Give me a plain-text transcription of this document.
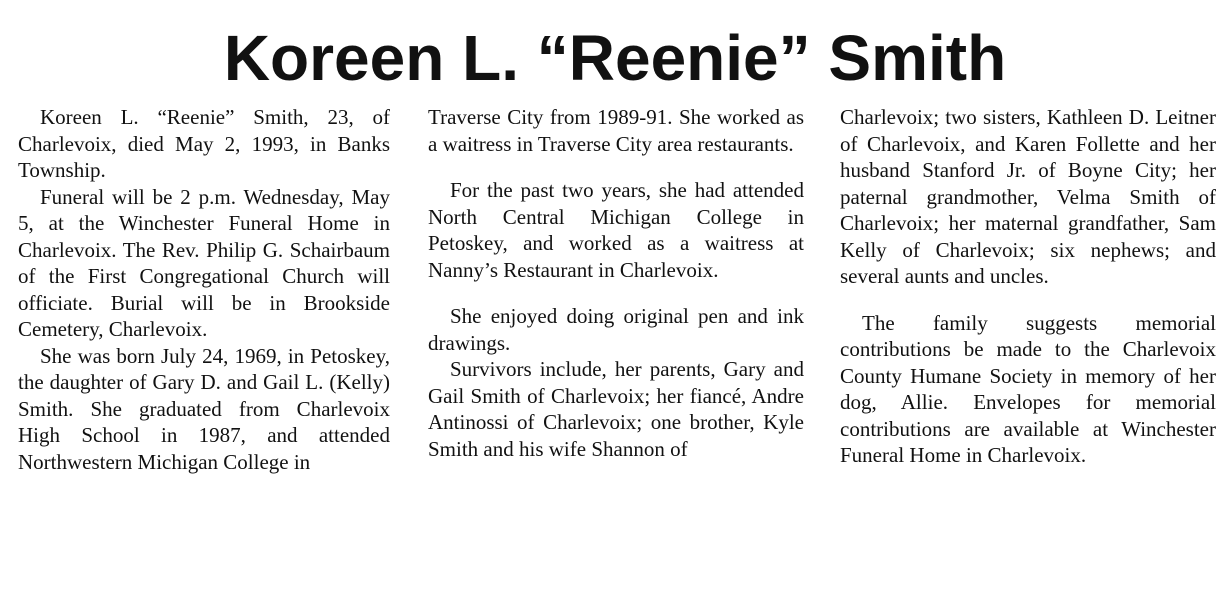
Koreen L. “Reenie” Smith

Koreen L. “Reenie” Smith, 23, of Charlevoix, died May 2, 1993, in Banks Township.

Funeral will be 2 p.m. Wednesday, May 5, at the Winchester Funeral Home in Charlevoix. The Rev. Philip G. Schairbaum of the First Congregational Church will officiate. Burial will be in Brookside Cemetery, Charlevoix.

She was born July 24, 1969, in Petoskey, the daughter of Gary D. and Gail L. (Kelly) Smith. She graduated from Charlevoix High School in 1987, and attended Northwestern Michigan College in

Traverse City from 1989-91. She worked as a waitress in Traverse City area restaurants.

For the past two years, she had attended North Central Michigan College in Petoskey, and worked as a waitress at Nanny’s Restaurant in Charlevoix.

She enjoyed doing original pen and ink drawings.

Survivors include, her parents, Gary and Gail Smith of Charlevoix; her fiancé, Andre Antinossi of Charlevoix; one brother, Kyle Smith and his wife Shannon of

Charlevoix; two sisters, Kathleen D. Leitner of Charlevoix, and Karen Follette and her husband Stanford Jr. of Boyne City; her paternal grandmother, Velma Smith of Charlevoix; her maternal grandfather, Sam Kelly of Charlevoix; six nephews; and several aunts and uncles.

The family suggests memorial contributions be made to the Charlevoix County Humane Society in memory of her dog, Allie. Envelopes for memorial contributions are available at Winchester Funeral Home in Charlevoix.
